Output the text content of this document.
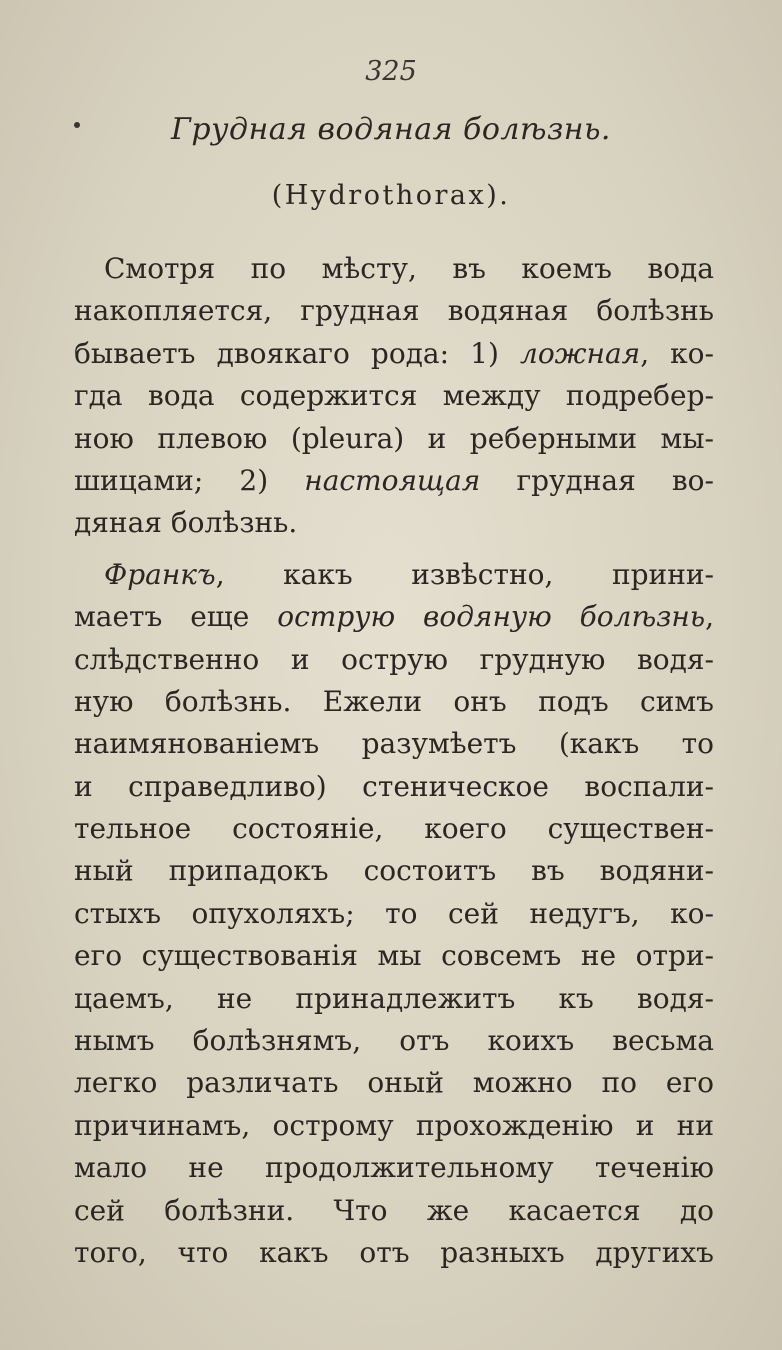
325
Грудная водяная болѣзнь.
(Hydrothorax).
Смотря по мѣсту, въ коемъ вода
накопляется, грудная водяная болѣзнь
бываетъ двоякаго рода: 1) ложная, ко-
гда вода содержится между подребер-
ною плевою (pleura) и реберными мы-
шицами; 2) настоящая грудная во-
дяная болѣзнь.
Франкъ, какъ извѣстно, прини-
маетъ еще острую водяную болѣзнь,
слѣдственно и острую грудную водя-
ную болѣзнь. Ежели онъ подъ симъ
наимянованіемъ разумѣетъ (какъ то
и справедливо) стеническое воспали-
тельное состояніе, коего существен-
ный припадокъ состоитъ въ водяни-
стыхъ опухоляхъ; то сей недугъ, ко-
его существованія мы совсемъ не отри-
цаемъ, не принадлежитъ къ водя-
нымъ болѣзнямъ, отъ коихъ весьма
легко различать оный можно по его
причинамъ, острому прохожденію и ни
мало не продолжительному теченію
сей болѣзни. Что же касается до
того, что какъ отъ разныхъ другихъ
